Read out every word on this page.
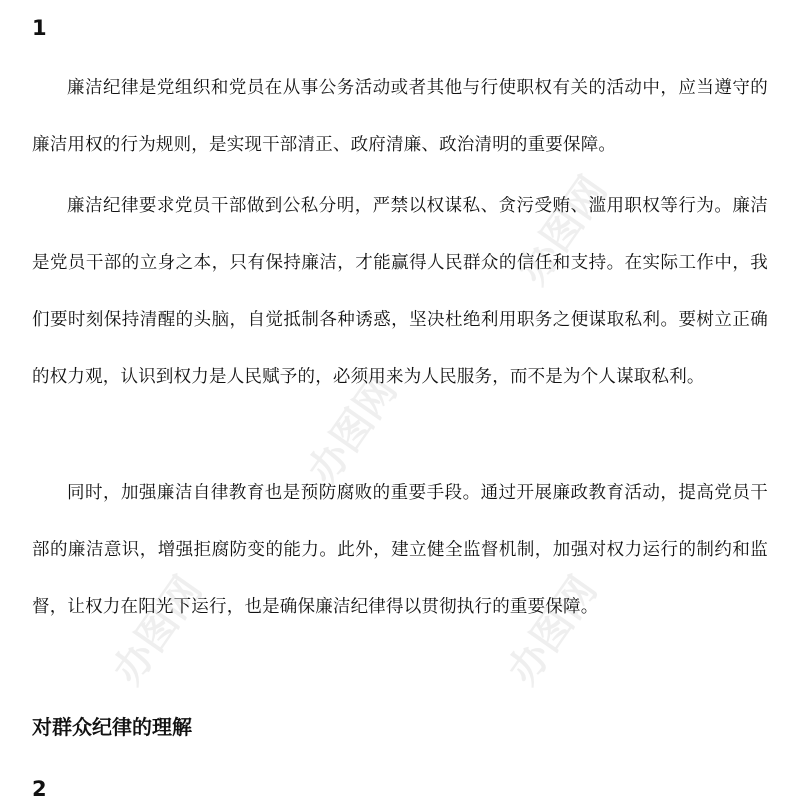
办图网
办图网
办图网
办图网
1

廉洁纪律是党组织和党员在从事公务活动或者其他与行使职权有关的活动中，应当遵守的廉洁用权的行为规则，是实现干部清正、政府清廉、政治清明的重要保障。

廉洁纪律要求党员干部做到公私分明，严禁以权谋私、贪污受贿、滥用职权等行为。廉洁是党员干部的立身之本，只有保持廉洁，才能赢得人民群众的信任和支持。在实际工作中，我们要时刻保持清醒的头脑，自觉抵制各种诱惑，坚决杜绝利用职务之便谋取私利。要树立正确的权力观，认识到权力是人民赋予的，必须用来为人民服务，而不是为个人谋取私利。

同时，加强廉洁自律教育也是预防腐败的重要手段。通过开展廉政教育活动，提高党员干部的廉洁意识，增强拒腐防变的能力。此外，建立健全监督机制，加强对权力运行的制约和监督，让权力在阳光下运行，也是确保廉洁纪律得以贯彻执行的重要保障。

对群众纪律的理解
2
